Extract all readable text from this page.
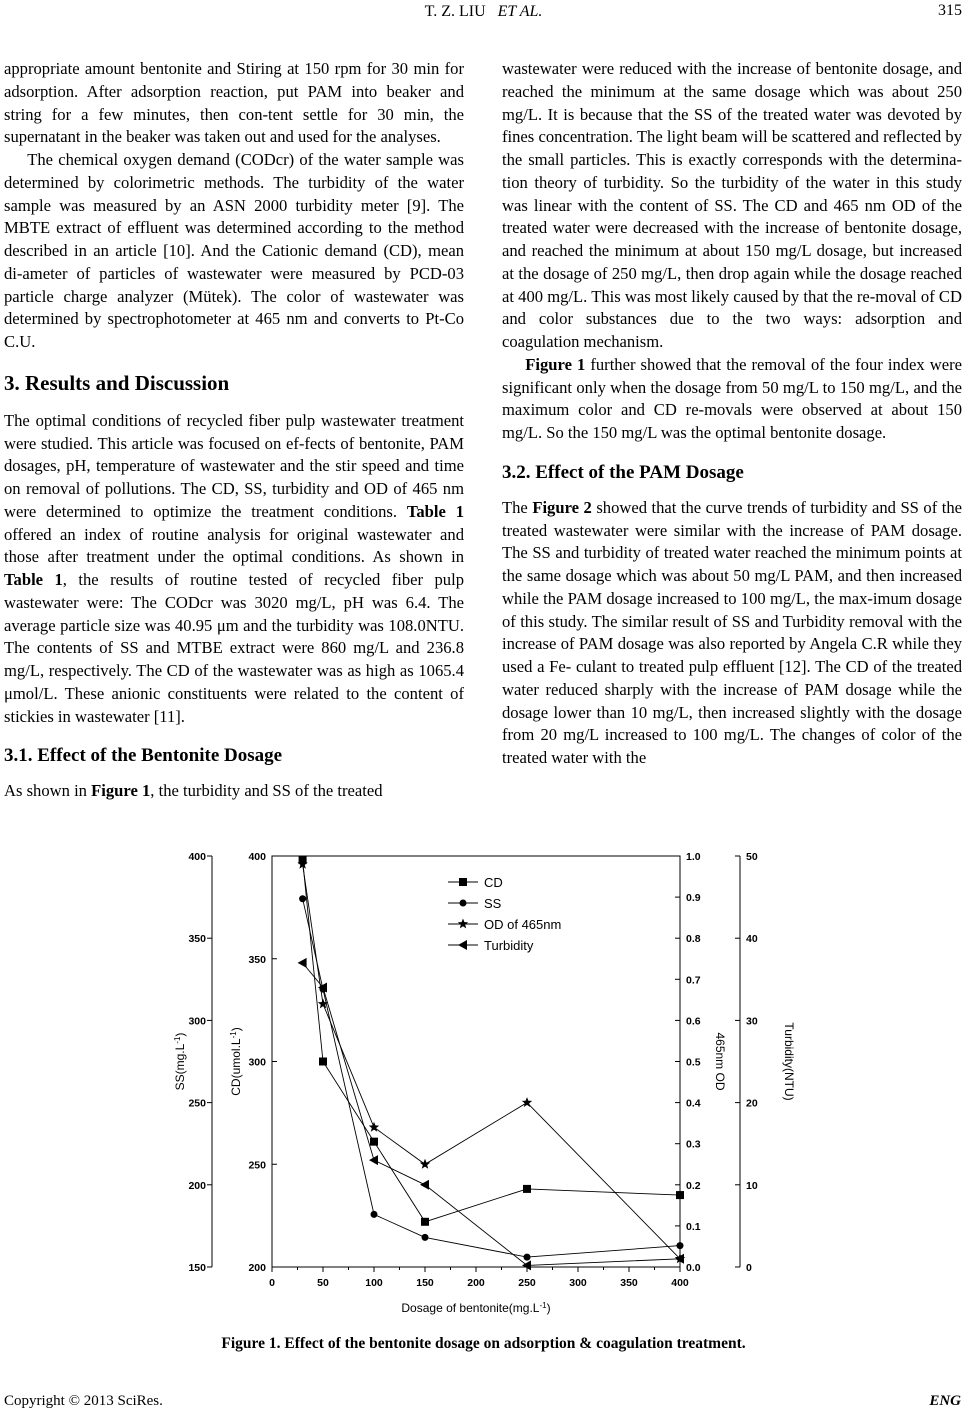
T. Z. LIU ET AL.	315

appropriate amount bentonite and Stiring at 150 rpm for 30 min for adsorption. After adsorption reaction, put PAM into beaker and string for a few minutes, then con-tent settle for 30 min, the supernatant in the beaker was taken out and used for the analyses.

The chemical oxygen demand (CODcr) of the water sample was determined by colorimetric methods. The turbidity of the water sample was measured by an ASN 2000 turbidity meter [9]. The MBTE extract of effluent was determined according to the method described in an article [10]. And the Cationic demand (CD), mean di-ameter of particles of wastewater were measured by PCD-03 particle charge analyzer (Mütek). The color of wastewater was determined by spectrophotometer at 465 nm and converts to Pt-Co C.U.

3. Results and Discussion

The optimal conditions of recycled fiber pulp wastewater treatment were studied. This article was focused on ef-fects of bentonite, PAM dosages, pH, temperature of wastewater and the stir speed and time on removal of pollutions. The CD, SS, turbidity and OD of 465 nm were determined to optimize the treatment conditions. Table 1 offered an index of routine analysis for original wastewater and those after treatment under the optimal conditions. As shown in Table 1, the results of routine tested of recycled fiber pulp wastewater were: The CODcr was 3020 mg/L, pH was 6.4. The average particle size was 40.95 μm and the turbidity was 108.0NTU. The contents of SS and MTBE extract were 860 mg/L and 236.8 mg/L, respectively. The CD of the wastewater was as high as 1065.4 μmol/L. These anionic constituents were related to the content of stickies in wastewater [11].

3.1. Effect of the Bentonite Dosage

As shown in Figure 1, the turbidity and SS of the treated

wastewater were reduced with the increase of bentonite dosage, and reached the minimum at the same dosage which was about 250 mg/L. It is because that the SS of the treated water was devoted by fines concentration. The light beam will be scattered and reflected by the small particles. This is exactly corresponds with the determina-tion theory of turbidity. So the turbidity of the water in this study was linear with the content of SS. The CD and 465 nm OD of the treated water were decreased with the increase of bentonite dosage, and reached the minimum at about 150 mg/L dosage, but increased at the dosage of 250 mg/L, then drop again while the dosage reached at 400 mg/L. This was most likely caused by that the re-moval of CD and color substances due to the two ways: adsorption and coagulation mechanism.

Figure 1 further showed that the removal of the four index were significant only when the dosage from 50 mg/L to 150 mg/L, and the maximum color and CD re-movals were observed at about 150 mg/L. So the 150 mg/L was the optimal bentonite dosage.

3.2. Effect of the PAM Dosage

The Figure 2 showed that the curve trends of turbidity and SS of the treated wastewater were similar with the increase of PAM dosage. The SS and turbidity of treated water reached the minimum points at the same dosage which was about 50 mg/L PAM, and then increased while the PAM dosage increased to 100 mg/L, the max-imum dosage of this study. The similar result of SS and Turbidity removal with the increase of PAM dosage was also reported by Angela C.R while they used a Fe- culant to treated pulp effluent [12]. The CD of the treated water reduced sharply with the increase of PAM dosage while the dosage lower than 10 mg/L, then increased slightly with the dosage from 20 mg/L increased to 100 mg/L. The changes of color of the treated water with the

0	50	100	150	200	250	300	350	400
Dosage of $bentonite(mg.L^{-1})$
150
200
250
300
350
400
$SS(mg.L^{-1})$
200
250
300
350
400
$CD(umol.L^{-1})$
0.0
0.1
0.2
0.3
0.4
0.5
0.6
0.7
0.8
0.9
1.0
465nm OD
0
10
20
30
40
50
Turbidity(NTU)
CD
SS
OD of 465nm
Turbidity
Figure 1. Effect of the bentonite dosage on adsorption & coagulation treatment.
Copyright © 2013 SciRes.	ENG
